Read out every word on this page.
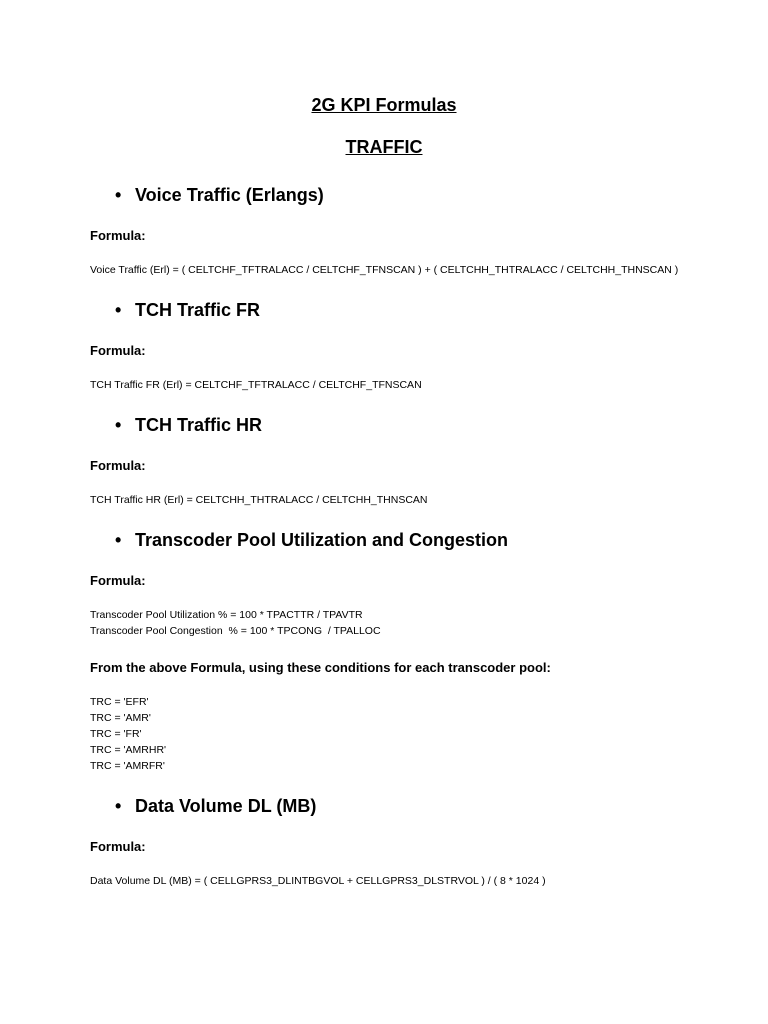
2G KPI Formulas
TRAFFIC
• Voice Traffic (Erlangs)
Formula:
Voice Traffic (Erl) = ( CELTCHF_TFTRALACC / CELTCHF_TFNSCAN ) + ( CELTCHH_THTRALACC / CELTCHH_THNSCAN )
• TCH Traffic FR
Formula:
TCH Traffic FR (Erl) = CELTCHF_TFTRALACC / CELTCHF_TFNSCAN
• TCH Traffic HR
Formula:
TCH Traffic HR (Erl) = CELTCHH_THTRALACC / CELTCHH_THNSCAN
• Transcoder Pool Utilization and Congestion
Formula:
Transcoder Pool Utilization % = 100 * TPACTTR / TPAVTR
Transcoder Pool Congestion  % = 100 * TPCONG  / TPALLOC
From the above Formula, using these conditions for each transcoder pool:
TRC = 'EFR'
TRC = 'AMR'
TRC = 'FR'
TRC = 'AMRHR'
TRC = 'AMRFR'
• Data Volume DL (MB)
Formula:
Data Volume DL (MB) = ( CELLGPRS3_DLINTBGVOL + CELLGPRS3_DLSTRVOL ) / ( 8 * 1024 )
